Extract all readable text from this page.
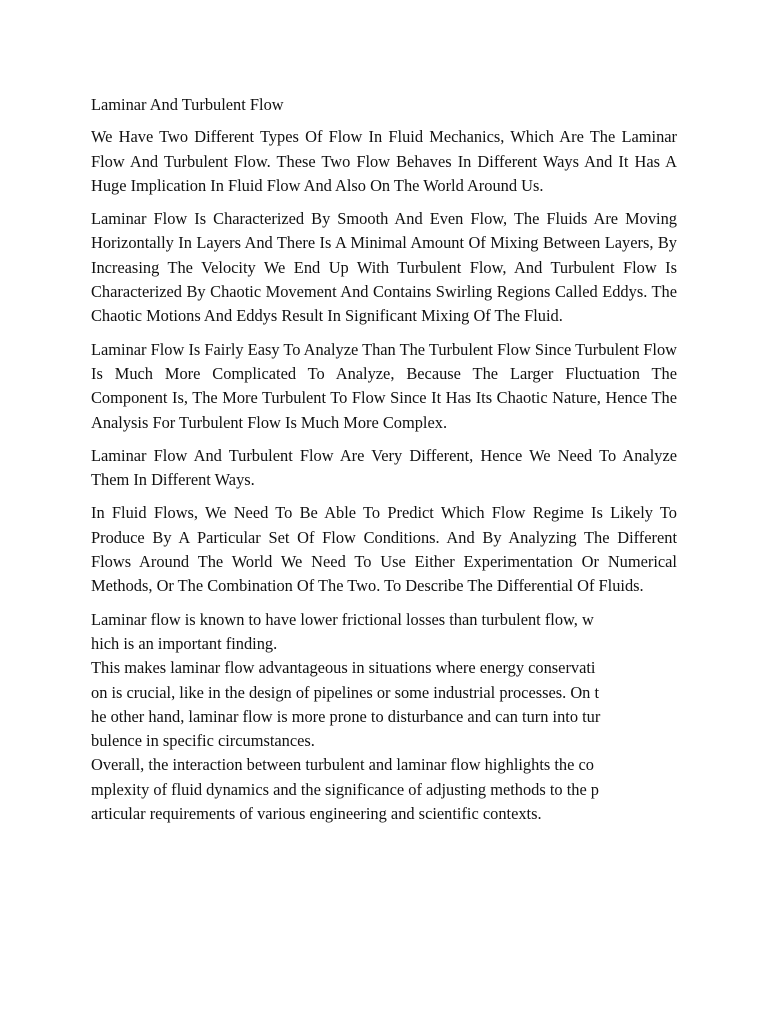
Laminar And Turbulent Flow

We Have Two Different Types Of Flow In Fluid Mechanics, Which Are The Laminar Flow And Turbulent Flow. These Two Flow Behaves In Different Ways And It Has A Huge Implication In Fluid Flow And Also On The World Around Us.

Laminar Flow Is Characterized By Smooth And Even Flow, The Fluids Are Moving Horizontally In Layers And There Is A Minimal Amount Of Mixing Between Layers, By Increasing The Velocity We End Up With Turbulent Flow, And Turbulent Flow Is Characterized By Chaotic Movement And Contains Swirling Regions Called Eddys. The Chaotic Motions And Eddys Result In Significant Mixing Of The Fluid.

Laminar Flow Is Fairly Easy To Analyze Than The Turbulent Flow Since Turbulent Flow Is Much More Complicated To Analyze, Because The Larger Fluctuation The Component Is, The More Turbulent To Flow Since It Has Its Chaotic Nature, Hence The Analysis For Turbulent Flow Is Much More Complex.

Laminar Flow And Turbulent Flow Are Very Different, Hence We Need To Analyze Them In Different Ways.

In Fluid Flows, We Need To Be Able To Predict Which Flow Regime Is Likely To Produce By A Particular Set Of Flow Conditions. And By Analyzing The Different Flows Around The World We Need To Use Either Experimentation Or Numerical Methods, Or The Combination Of The Two. To Describe The Differential Of Fluids.

Laminar flow is known to have lower frictional losses than turbulent flow, w
hich is an important finding.
This makes laminar flow advantageous in situations where energy conservati
on is crucial, like in the design of pipelines or some industrial processes. On t
he other hand, laminar flow is more prone to disturbance and can turn into tur
bulence in specific circumstances.
Overall, the interaction between turbulent and laminar flow highlights the co
mplexity of fluid dynamics and the significance of adjusting methods to the p
articular requirements of various engineering and scientific contexts.
